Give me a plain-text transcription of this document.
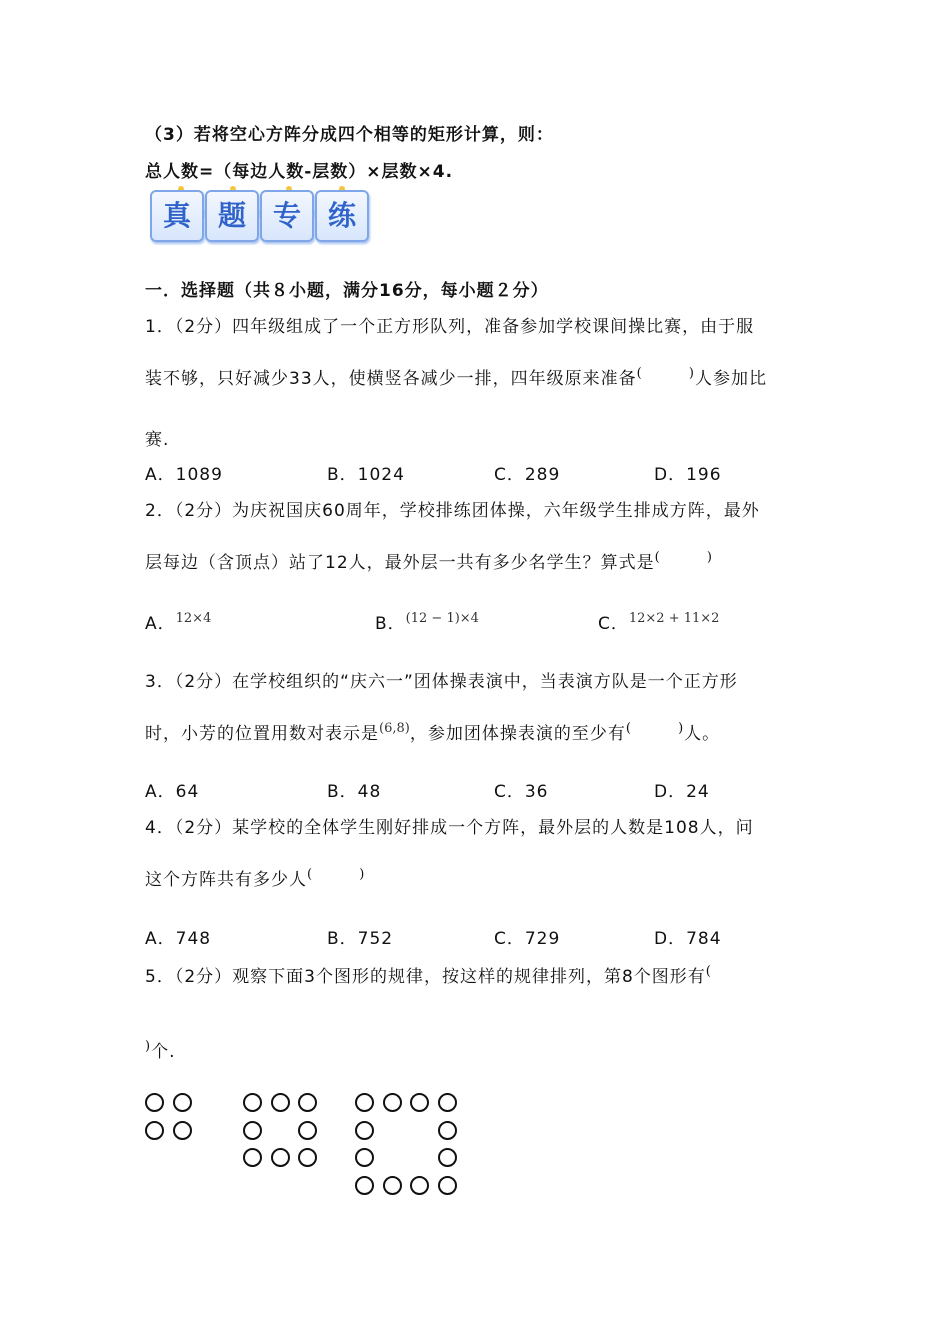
（3）若将空心方阵分成四个相等的矩形计算，则：
总人数=（每边人数-层数）×层数×4.
真 题 专 练
一．选择题（共８小题，满分16分，每小题２分）
1．（2分）四年级组成了一个正方形队列，准备参加学校课间操比赛，由于服
装不够，只好减少33人，使横竖各减少一排，四年级原来准备(         )人参加比
赛.
A．1089	B．1024	C．289	D．196
2．（2分）为庆祝国庆60周年，学校排练团体操，六年级学生排成方阵，最外
层每边（含顶点）站了12人，最外层一共有多少名学生？算式是(         )
A．$^{12\times 4}$	B．$^{(12 - 1)\times 4}$	C．$^{12\times 2 + 11\times 2}$
3．（2分）在学校组织的“庆六一”团体操表演中，当表演方队是一个正方形
时，小芳的位置用数对表示是$^{(6,8)}$，参加团体操表演的至少有(         )人。
A．64	B．48	C．36	D．24
4．（2分）某学校的全体学生刚好排成一个方阵，最外层的人数是108人，问
这个方阵共有多少人(         )
A．748	B．752	C．729	D．784
5．（2分）观察下面3个图形的规律，按这样的规律排列，第8个图形有(
)个.
